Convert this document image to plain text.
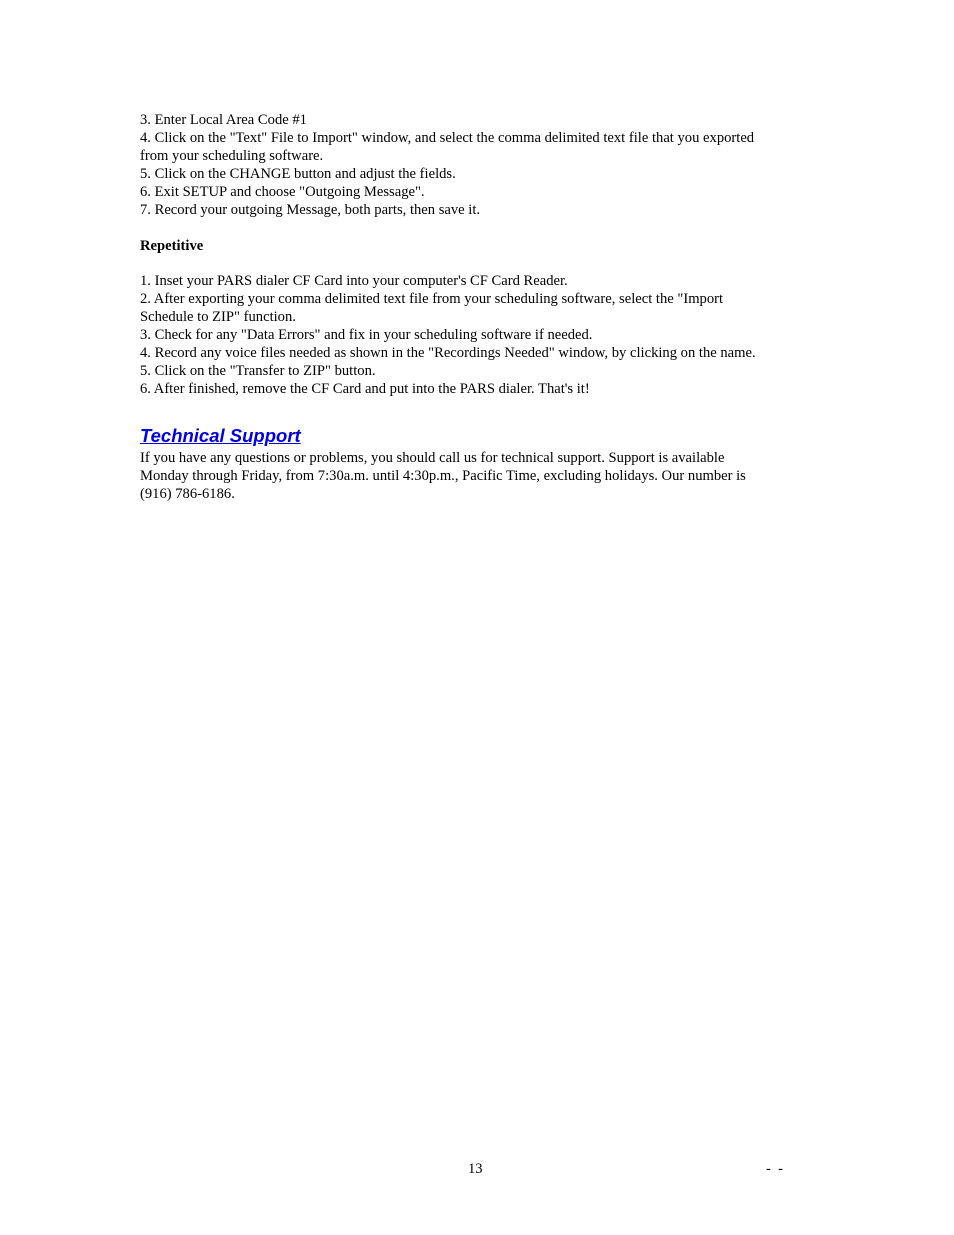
3. Enter Local Area Code #1

4. Click on the "Text" File to Import" window, and select the comma delimited text file that you exported

from your scheduling software.

5. Click on the CHANGE button and adjust the fields.

6. Exit SETUP and choose "Outgoing Message".

7. Record your outgoing Message, both parts, then save it.

Repetitive

1. Inset your PARS dialer CF Card into your computer's CF Card Reader.

2. After exporting your comma delimited text file from your scheduling software, select the "Import

Schedule to ZIP" function.

3. Check for any "Data Errors" and fix in your scheduling software if needed.

4. Record any voice files needed as shown in the "Recordings Needed" window, by clicking on the name.

5. Click on the "Transfer to ZIP" button.

6. After finished, remove the CF Card and put into the PARS dialer. That's it!

Technical Support

If you have any questions or problems, you should call us for technical support. Support is available

Monday through Friday, from 7:30a.m. until 4:30p.m., Pacific Time, excluding holidays. Our number is

(916) 786-6186.

13	-  -
